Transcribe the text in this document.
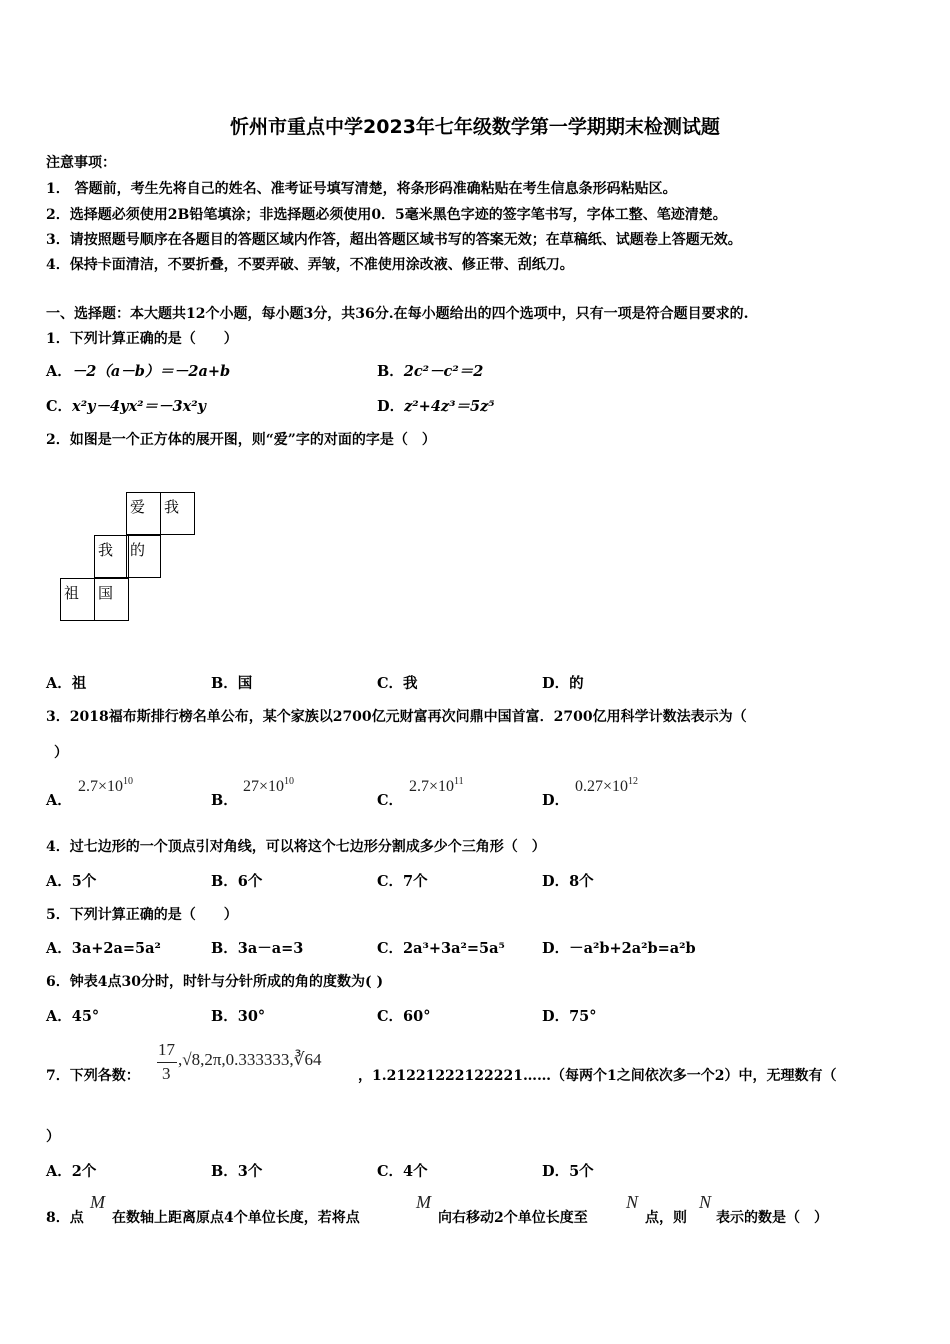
忻州市重点中学2023年七年级数学第一学期期末检测试题
注意事项：
1． 答题前，考生先将自己的姓名、准考证号填写清楚，将条形码准确粘贴在考生信息条形码粘贴区。
2．选择题必须使用2B铅笔填涂；非选择题必须使用0．5毫米黑色字迹的签字笔书写，字体工整、笔迹清楚。
3．请按照题号顺序在各题目的答题区域内作答，超出答题区域书写的答案无效；在草稿纸、试题卷上答题无效。
4．保持卡面清洁，不要折叠，不要弄破、弄皱，不准使用涂改液、修正带、刮纸刀。
一、选择题：本大题共12个小题，每小题3分，共36分.在每小题给出的四个选项中，只有一项是符合题目要求的.
1．下列计算正确的是（　　）
A．－2（a－b）＝－2a+b	B．2c²－c²＝2
C．x²y－4yx²＝－3x²y	D．z²+4z³＝5z⁵
2．如图是一个正方体的展开图，则“爱”字的对面的字是（　）
爱	我
我	的
祖	国
A．祖	B．国	C．我	D．的
3．2018福布斯排行榜名单公布，某个家族以2700亿元财富再次问鼎中国首富．2700亿用科学计数法表示为（
）
A．
$2.7\times 10^{10}$
B．
$27\times 10^{10}$
C．
$2.7\times 10^{11}$
D．
$0.27\times 10^{12}$
4．过七边形的一个顶点引对角线，可以将这个七边形分割成多少个三角形（　）
A．5个	B．6个	C．7个	D．8个
5．下列计算正确的是（　　）
A．3a+2a=5a²	B．3a－a=3	C．2a³+3a²=5a⁵	D．－a²b+2a²b=a²b
6．钟表4点30分时，时针与分针所成的角的度数为( )
A．45°	B．30°	C．60°	D．75°
7．下列各数：
17
3
,√8,2π,0.333333,∛64
，1.21221222122221……（每两个1之间依次多一个2）中，无理数有（
）
A．2个	B．3个	C．4个	D．5个
8．点
M
在数轴上距离原点4个单位长度，若将点
M
向右移动2个单位长度至
N
点，则
N
表示的数是（　）
